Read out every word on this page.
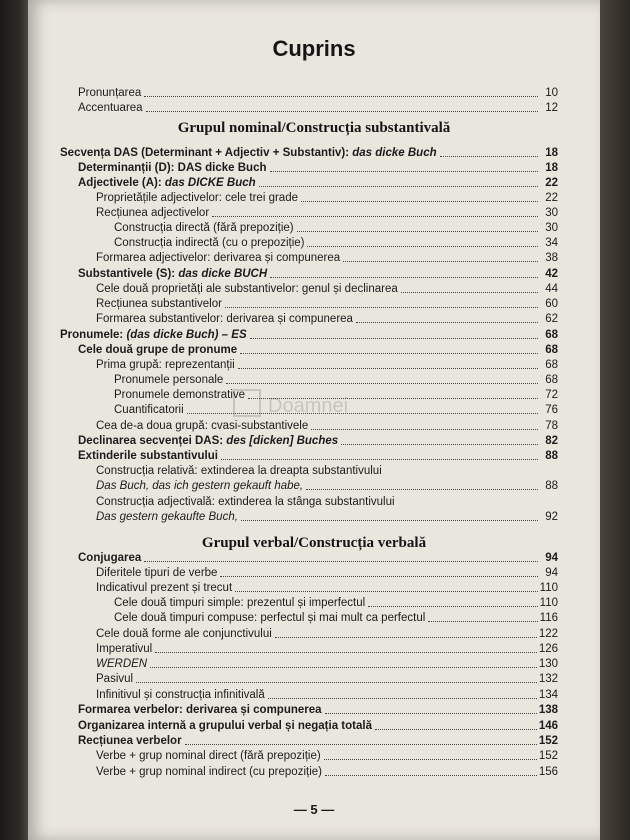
Cuprins
Grupul nominal/Construcția substantivală
Grupul verbal/Construcția verbală
Pronunțarea	10
Accentuarea	12
Secvența DAS (Determinant + Adjectiv + Substantiv): das dicke Buch	18
Determinanții (D): DAS dicke Buch	18
Adjectivele (A): das DICKE Buch	22
Proprietățile adjectivelor: cele trei grade	22
Recțiunea adjectivelor	30
Construcția directă (fără prepoziție)	30
Construcția indirectă (cu o prepoziție)	34
Formarea adjectivelor: derivarea și compunerea	38
Substantivele (S): das dicke BUCH	42
Cele două proprietăți ale substantivelor: genul și declinarea	44
Recțiunea substantivelor	60
Formarea substantivelor: derivarea și compunerea	62
Pronumele: (das dicke Buch) – ES	68
Cele două grupe de pronume	68
Prima grupă: reprezentanții	68
Pronumele personale	68
Pronumele demonstrative	72
Cuantificatorii	76
Cea de-a doua grupă: cvasi-substantivele	78
Declinarea secvenței DAS: des [dicken] Buches	82
Extinderile substantivului	88
Construcția relativă: extinderea la dreapta substantivului
Das Buch, das ich gestern gekauft habe,	88
Construcția adjectivală: extinderea la stânga substantivului
Das gestern gekaufte Buch,	92
Conjugarea	94
Diferitele tipuri de verbe	94
Indicativul prezent și trecut	110
Cele două timpuri simple: prezentul și imperfectul	110
Cele două timpuri compuse: perfectul și mai mult ca perfectul	116
Cele două forme ale conjunctivului	122
Imperativul	126
WERDEN	130
Pasivul	132
Infinitivul și construcția infinitivală	134
Formarea verbelor: derivarea și compunerea	138
Organizarea internă a grupului verbal și negația totală	146
Recțiunea verbelor	152
Verbe + grup nominal direct (fără prepoziție)	152
Verbe + grup nominal indirect (cu prepoziție)	156
— 5 —
